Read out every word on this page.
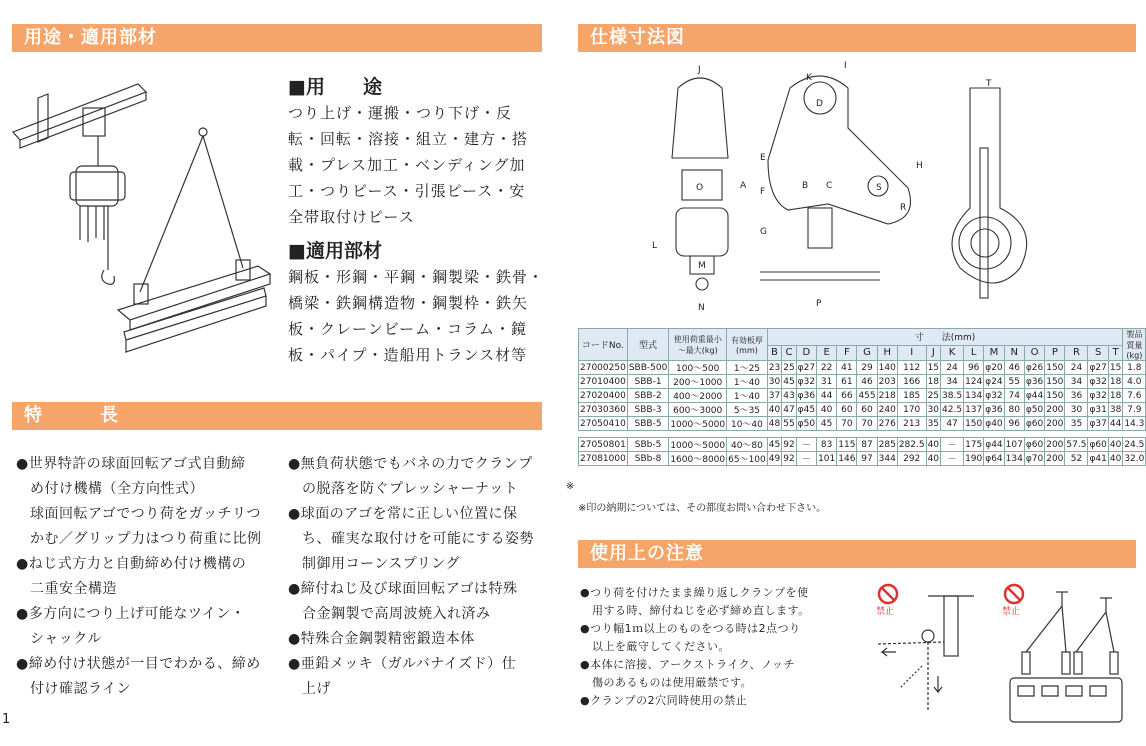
用途・適用部材
特　　　長
仕様寸法図
使用上の注意
■用　　途
つり上げ・運搬・つり下げ・反
転・回転・溶接・組立・建方・搭
載・プレス加工・ベンディング加
工・つりピース・引張ピース・安
全帯取付けピース
■適用部材
鋼板・形鋼・平鋼・鋼製梁・鉄骨・
橋梁・鉄鋼構造物・鋼製枠・鉄矢
板・クレーンビーム・コラム・鏡
板・パイプ・造船用トランス材等
●世界特許の球面回転アゴ式自動締
め付け機構（全方向性式）
球面回転アゴでつり荷をガッチリつ
かむ／グリップ力はつり荷重に比例
●ねじ式方力と自動締め付け機構の
二重安全構造
●多方向につり上げ可能なツイン・
シャックル
●締め付け状態が一目でわかる、締め
付け確認ライン
●無負荷状態でもバネの力でクランプ
の脱落を防ぐプレッシャーナット
●球面のアゴを常に正しい位置に保
ち、確実な取付けを可能にする姿勢
制御用コーンスプリング
●締付ねじ及び球面回転アゴは特殊
合金鋼製で高周波焼入れ済み
●特殊合金鋼製精密鍛造本体
●亜鉛メッキ（ガルバナイズド）仕
上げ
J
O
N
M
L
K
D
I
E
F
G
B C	S
R
H
A
P
T
コードNo.	型式	使用荷重最小～最大(kg)	有効板厚(mm)	寸　　法(mm)																		製品質量(kg)
				B	C	D	E	F	G	H	I	J	K	L	M	N	O	P	R	S	T	
27000250	SBB-500	100～500	1～25	23	25	φ27	22	41	29	140	112	15	24	96	φ20	46	φ26	150	24	φ27	15	1.8
27010400	SBB-1	200～1000	1～40	30	45	φ32	31	61	46	203	166	18	34	124	φ24	55	φ36	150	34	φ32	18	4.0
27020400	SBB-2	400～2000	1～40	37	43	φ36	44	66	455	218	185	25	38.5	134	φ32	74	φ44	150	36	φ32	18	7.6
27030360	SBB-3	600～3000	5～35	40	47	φ45	40	60	60	240	170	30	42.5	137	φ36	80	φ50	200	30	φ31	38	7.9
27050410	SBB-5	1000～5000	10～40	48	55	φ50	45	70	70	276	213	35	47	150	φ40	96	φ60	200	35	φ37	44	14.3

27050801	SBb-5	1000～5000	40～80	45	92	－	83	115	87	285	282.5	40	－	175	φ44	107	φ60	200	57.5	φ60	40	24.5
27081000	SBb-8	1600～8000	65～100	49	92	－	101	146	97	344	292	40	－	190	φ64	134	φ70	200	52	φ41	40	32.0
※
※印の納期については、その都度お問い合わせ下さい。
●つり荷を付けたまま繰り返しクランプを使
用する時、締付ねじを必ず締め直します。
●つり幅1ｍ以上のものをつる時は2点つり
以上を厳守してください。
●本体に溶接、アークストライク、ノッチ
傷のあるものは使用厳禁です。
●クランプの2穴同時使用の禁止
禁止	禁止
1
